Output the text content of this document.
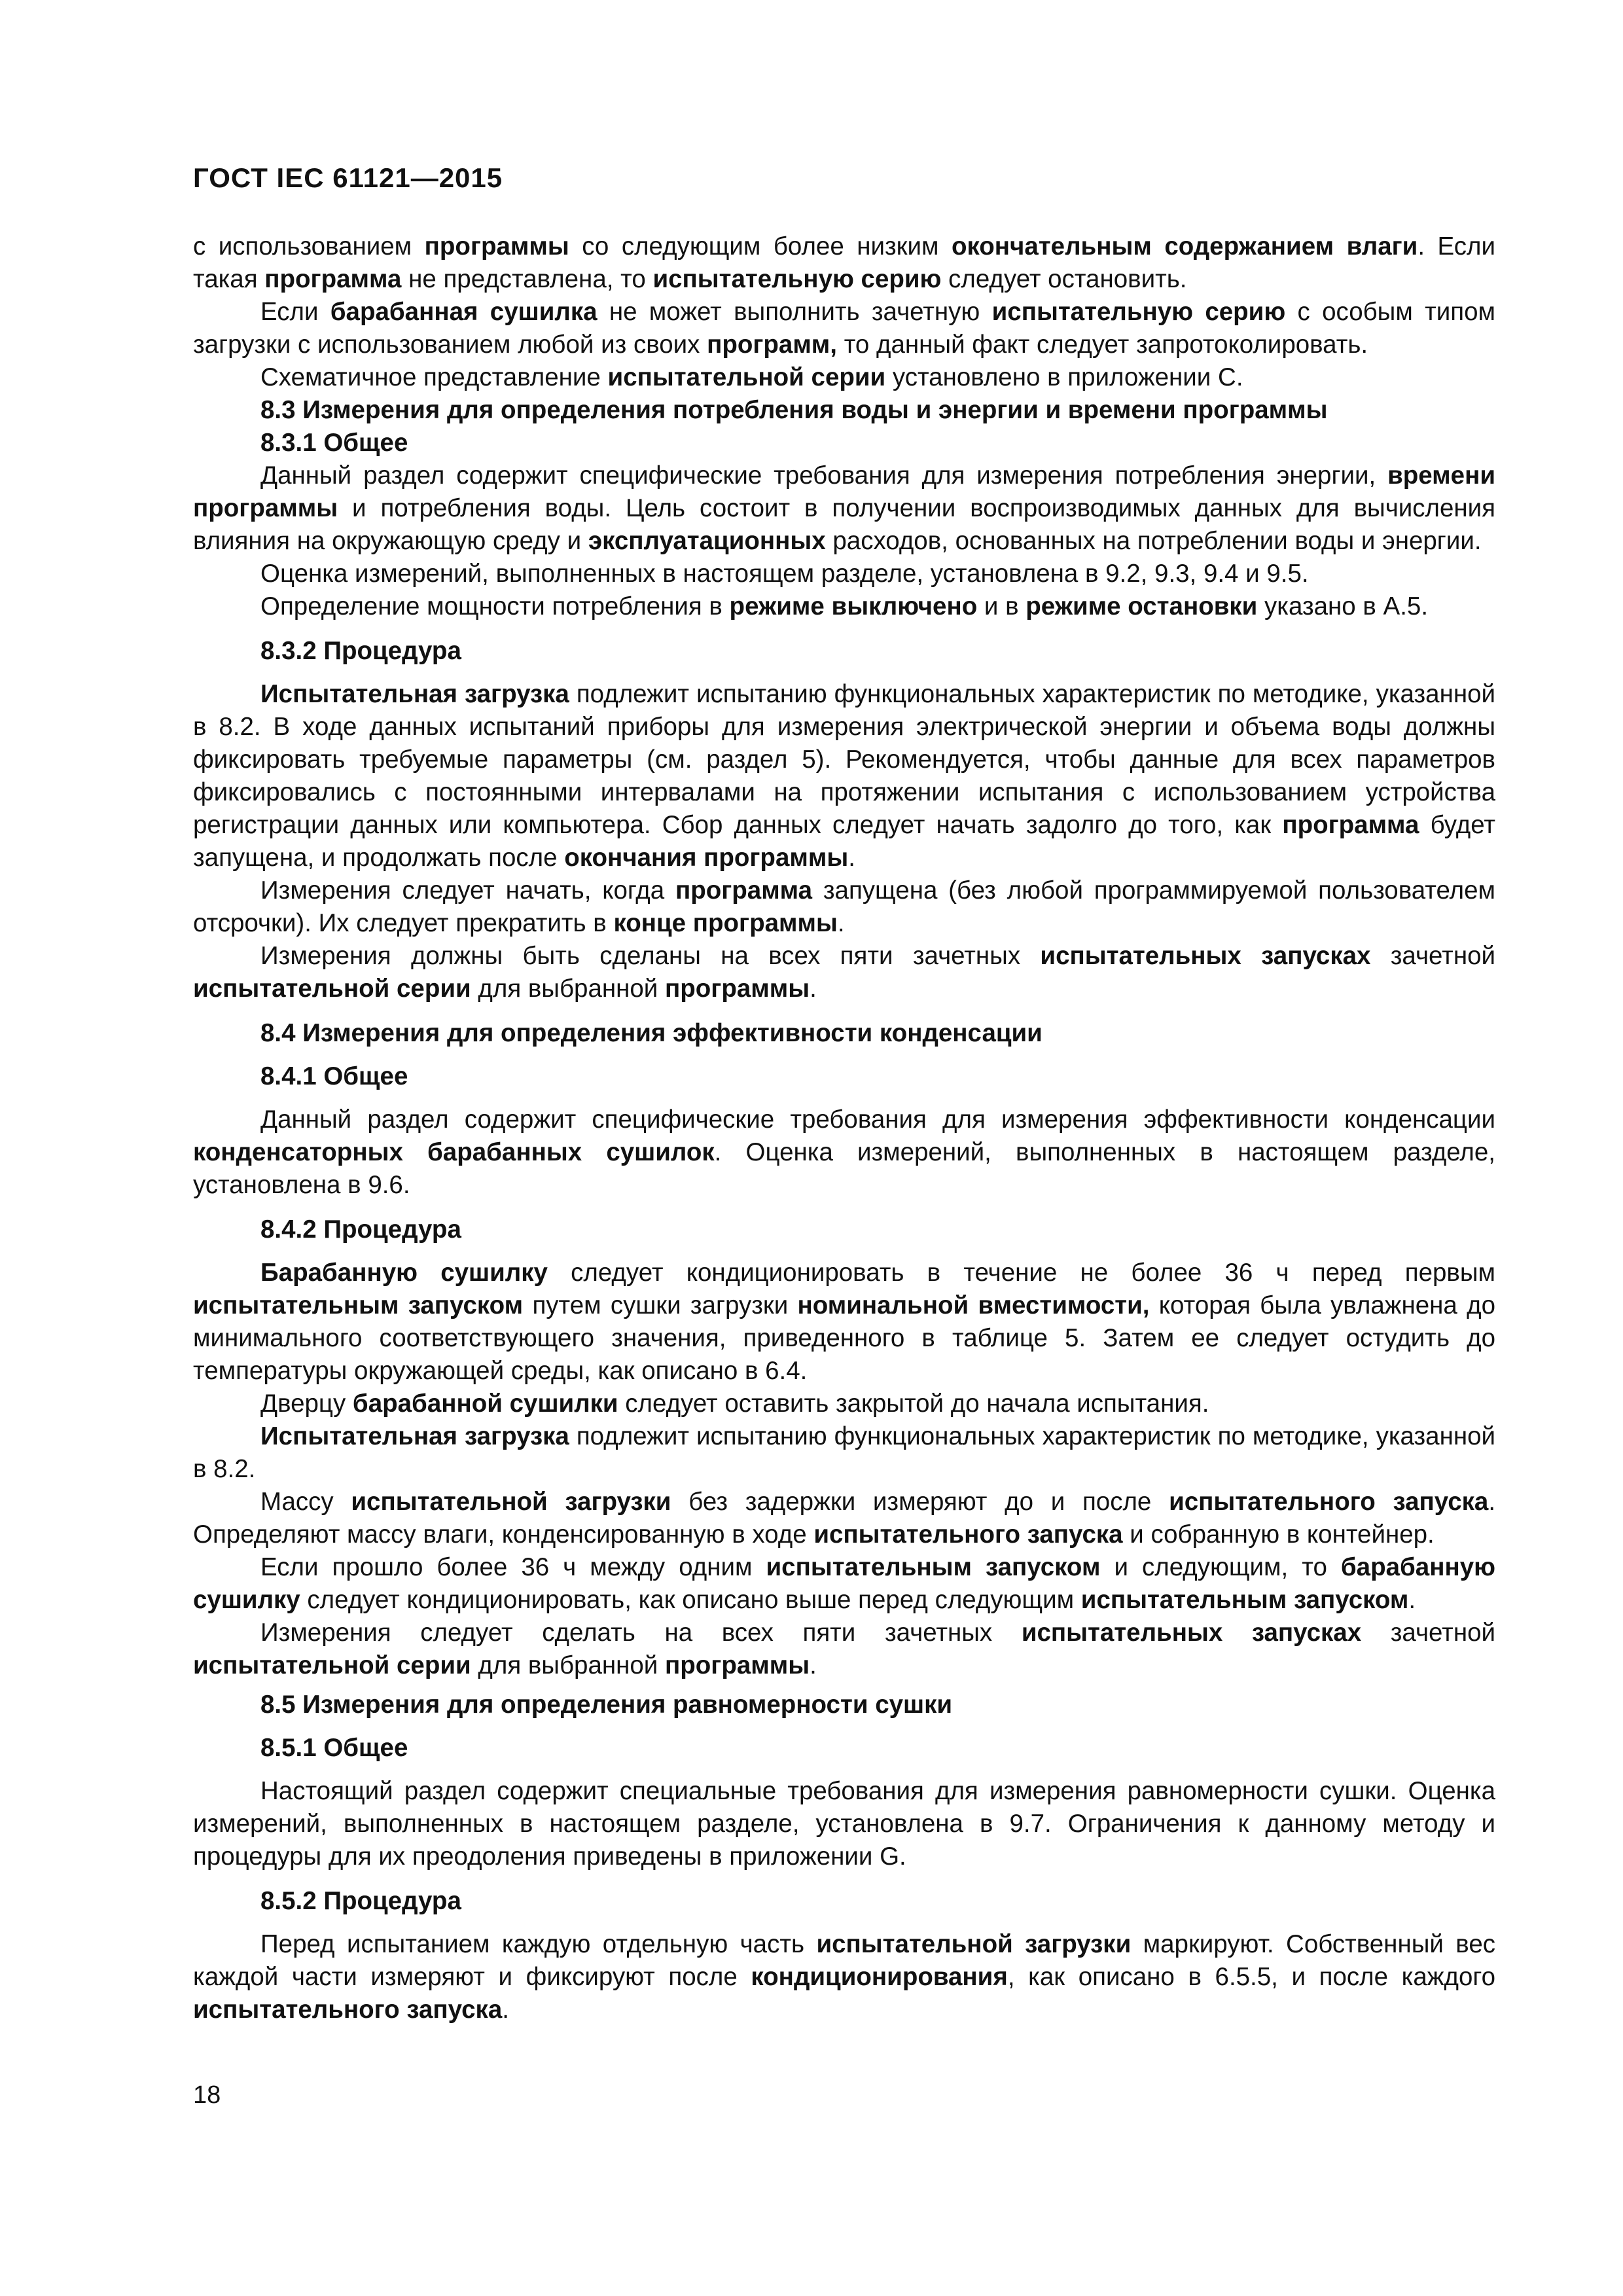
ГОСТ IEC 61121—2015

с использованием программы со следующим более низким окончательным содержанием влаги. Если такая программа не представлена, то испытательную серию следует остановить.

Если барабанная сушилка не может выполнить зачетную испытательную серию с особым типом загрузки с использованием любой из своих программ, то данный факт следует запротоколировать.

Схематичное представление испытательной серии установлено в приложении С.

8.3 Измерения для определения потребления воды и энергии и времени программы

8.3.1 Общее

Данный раздел содержит специфические требования для измерения потребления энергии, времени программы и потребления воды. Цель состоит в получении воспроизводимых данных для вычисления влияния на окружающую среду и эксплуатационных расходов, основанных на потреблении воды и энергии.

Оценка измерений, выполненных в настоящем разделе, установлена в 9.2, 9.3, 9.4 и 9.5.

Определение мощности потребления в режиме выключено и в режиме остановки указано в А.5.

8.3.2 Процедура

Испытательная загрузка подлежит испытанию функциональных характеристик по методике, указанной в 8.2. В ходе данных испытаний приборы для измерения электрической энергии и объема воды должны фиксировать требуемые параметры (см. раздел 5). Рекомендуется, чтобы данные для всех параметров фиксировались с постоянными интервалами на протяжении испытания с использованием устройства регистрации данных или компьютера. Сбор данных следует начать задолго до того, как программа будет запущена, и продолжать после окончания программы.

Измерения следует начать, когда программа запущена (без любой программируемой пользователем отсрочки). Их следует прекратить в конце программы.

Измерения должны быть сделаны на всех пяти зачетных испытательных запусках зачетной испытательной серии для выбранной программы.

8.4 Измерения для определения эффективности конденсации

8.4.1 Общее

Данный раздел содержит специфические требования для измерения эффективности конденсации конденсаторных барабанных сушилок. Оценка измерений, выполненных в настоящем разделе, установлена в 9.6.

8.4.2 Процедура

Барабанную сушилку следует кондиционировать в течение не более 36 ч перед первым испытательным запуском путем сушки загрузки номинальной вместимости, которая была увлажнена до минимального соответствующего значения, приведенного в таблице 5. Затем ее следует остудить до температуры окружающей среды, как описано в 6.4.

Дверцу барабанной сушилки следует оставить закрытой до начала испытания.

Испытательная загрузка подлежит испытанию функциональных характеристик по методике, указанной в 8.2.

Массу испытательной загрузки без задержки измеряют до и после испытательного запуска. Определяют массу влаги, конденсированную в ходе испытательного запуска и собранную в контейнер.

Если прошло более 36 ч между одним испытательным запуском и следующим, то барабанную сушилку следует кондиционировать, как описано выше перед следующим испытательным запуском.

Измерения следует сделать на всех пяти зачетных испытательных запусках зачетной испытательной серии для выбранной программы.

8.5 Измерения для определения равномерности сушки

8.5.1 Общее

Настоящий раздел содержит специальные требования для измерения равномерности сушки. Оценка измерений, выполненных в настоящем разделе, установлена в 9.7. Ограничения к данному методу и процедуры для их преодоления приведены в приложении G.

8.5.2 Процедура

Перед испытанием каждую отдельную часть испытательной загрузки маркируют. Собственный вес каждой части измеряют и фиксируют после кондиционирования, как описано в 6.5.5, и после каждого испытательного запуска.

18
